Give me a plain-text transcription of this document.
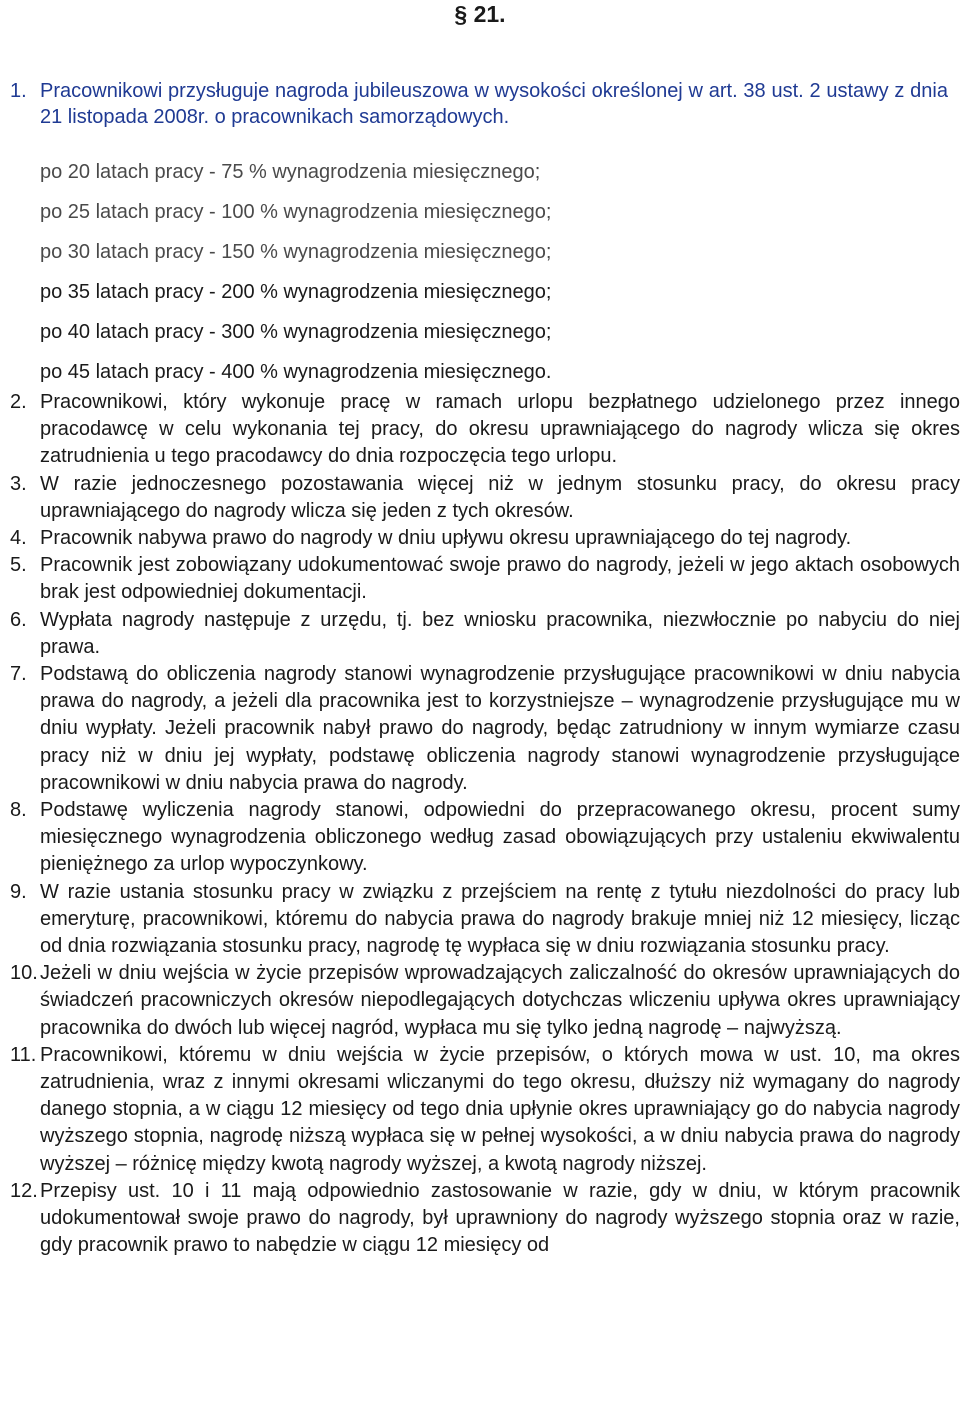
§ 21.
1. Pracownikowi przysługuje nagroda jubileuszowa w wysokości określonej w art. 38 ust. 2 ustawy z dnia 21 listopada 2008r. o pracownikach samorządowych.
po 20 latach pracy - 75 % wynagrodzenia miesięcznego;
po 25 latach pracy - 100 % wynagrodzenia miesięcznego;
po 30 latach pracy - 150 % wynagrodzenia miesięcznego;
po 35 latach pracy - 200 % wynagrodzenia miesięcznego;
po 40 latach pracy - 300 % wynagrodzenia miesięcznego;
po 45 latach pracy - 400 % wynagrodzenia miesięcznego.
2. Pracownikowi, który wykonuje pracę w ramach urlopu bezpłatnego udzielonego przez innego pracodawcę w celu wykonania tej pracy, do okresu uprawniającego do nagrody wlicza się okres zatrudnienia u tego pracodawcy do dnia rozpoczęcia tego urlopu.
3. W razie jednoczesnego pozostawania więcej niż w jednym stosunku pracy, do okresu pracy uprawniającego do nagrody wlicza się jeden z tych okresów.
4. Pracownik nabywa prawo do nagrody w dniu upływu okresu uprawniającego do tej nagrody.
5. Pracownik jest zobowiązany udokumentować swoje prawo do nagrody, jeżeli w jego aktach osobowych brak jest odpowiedniej dokumentacji.
6. Wypłata nagrody następuje z urzędu, tj. bez wniosku pracownika, niezwłocznie po nabyciu do niej prawa.
7. Podstawą do obliczenia nagrody stanowi wynagrodzenie przysługujące pracownikowi w dniu nabycia prawa do nagrody, a jeżeli dla pracownika jest to korzystniejsze – wynagrodzenie przysługujące mu w dniu wypłaty. Jeżeli pracownik nabył prawo do nagrody, będąc zatrudniony w innym wymiarze czasu pracy niż w dniu jej wypłaty, podstawę obliczenia nagrody stanowi wynagrodzenie przysługujące pracownikowi w dniu nabycia prawa do nagrody.
8. Podstawę wyliczenia nagrody stanowi, odpowiedni do przepracowanego okresu, procent sumy miesięcznego wynagrodzenia obliczonego według zasad obowiązujących przy ustaleniu ekwiwalentu pieniężnego za urlop wypoczynkowy.
9. W razie ustania stosunku pracy w związku z przejściem na rentę z tytułu niezdolności do pracy lub emeryturę, pracownikowi, któremu do nabycia prawa do nagrody brakuje mniej niż 12 miesięcy, licząc od dnia rozwiązania stosunku pracy, nagrodę tę wypłaca się w dniu rozwiązania stosunku pracy.
10. Jeżeli w dniu wejścia w życie przepisów wprowadzających zaliczalność do okresów uprawniających do świadczeń pracowniczych okresów niepodlegających dotychczas wliczeniu upływa okres uprawniający pracownika do dwóch lub więcej nagród, wypłaca mu się tylko jedną nagrodę – najwyższą.
11. Pracownikowi, któremu w dniu wejścia w życie przepisów, o których mowa w ust. 10, ma okres zatrudnienia, wraz z innymi okresami wliczanymi do tego okresu, dłuższy niż wymagany do nagrody danego stopnia, a w ciągu 12 miesięcy od tego dnia upłynie okres uprawniający go do nabycia nagrody wyższego stopnia, nagrodę niższą wypłaca się w pełnej wysokości, a w dniu nabycia prawa do nagrody wyższej – różnicę między kwotą nagrody wyższej, a kwotą nagrody niższej.
12. Przepisy ust. 10 i 11 mają odpowiednio zastosowanie w razie, gdy w dniu, w którym pracownik udokumentował swoje prawo do nagrody, był uprawniony do nagrody wyższego stopnia oraz w razie, gdy pracownik prawo to nabędzie w ciągu 12 miesięcy od
